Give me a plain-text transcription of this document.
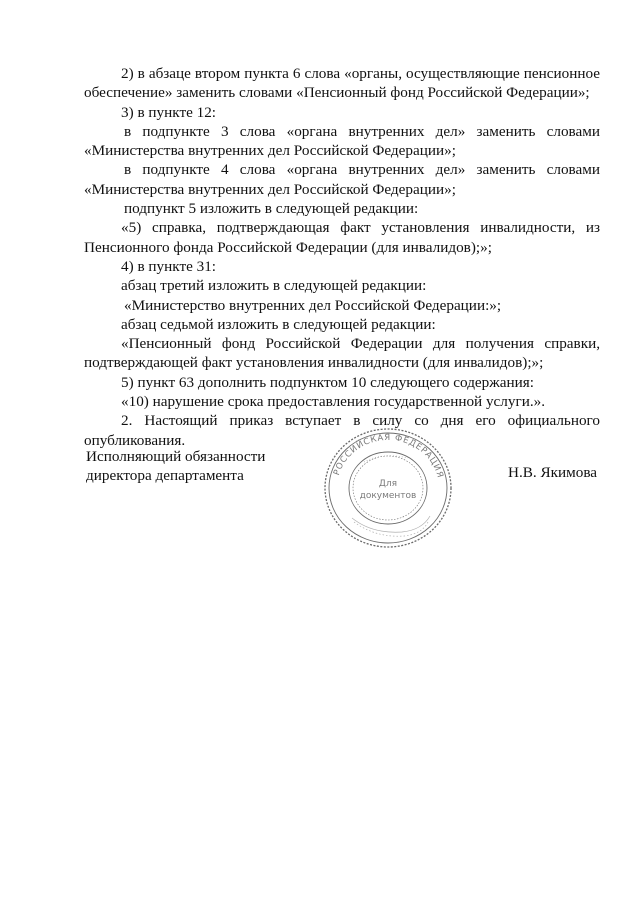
2) в абзаце втором пункта 6 слова «органы, осуществляющие пенсионное обеспечение» заменить словами «Пенсионный фонд Российской Федерации»;

3) в пункте 12:

в подпункте 3 слова «органа внутренних дел» заменить словами «Министерства внутренних дел Российской Федерации»;

в подпункте 4 слова «органа внутренних дел» заменить словами «Министерства внутренних дел Российской Федерации»;

подпункт 5 изложить в следующей редакции:

«5) справка, подтверждающая факт установления инвалидности, из Пенсионного фонда Российской Федерации (для инвалидов);»;

4) в пункте 31:

абзац третий изложить в следующей редакции:

«Министерство внутренних дел Российской Федерации:»;

абзац седьмой изложить в следующей редакции:

«Пенсионный фонд Российской Федерации для получения справки, подтверждающей факт установления инвалидности (для инвалидов);»;

5) пункт 63 дополнить подпунктом 10 следующего содержания:

«10) нарушение срока предоставления государственной услуги.».

2. Настоящий приказ вступает в силу со дня его официального опубликования.

Исполняющий обязанности
директора департамента	РОССИЙСКАЯ ФЕДЕРАЦИЯ
Для
документов
Н.В. Якимова
